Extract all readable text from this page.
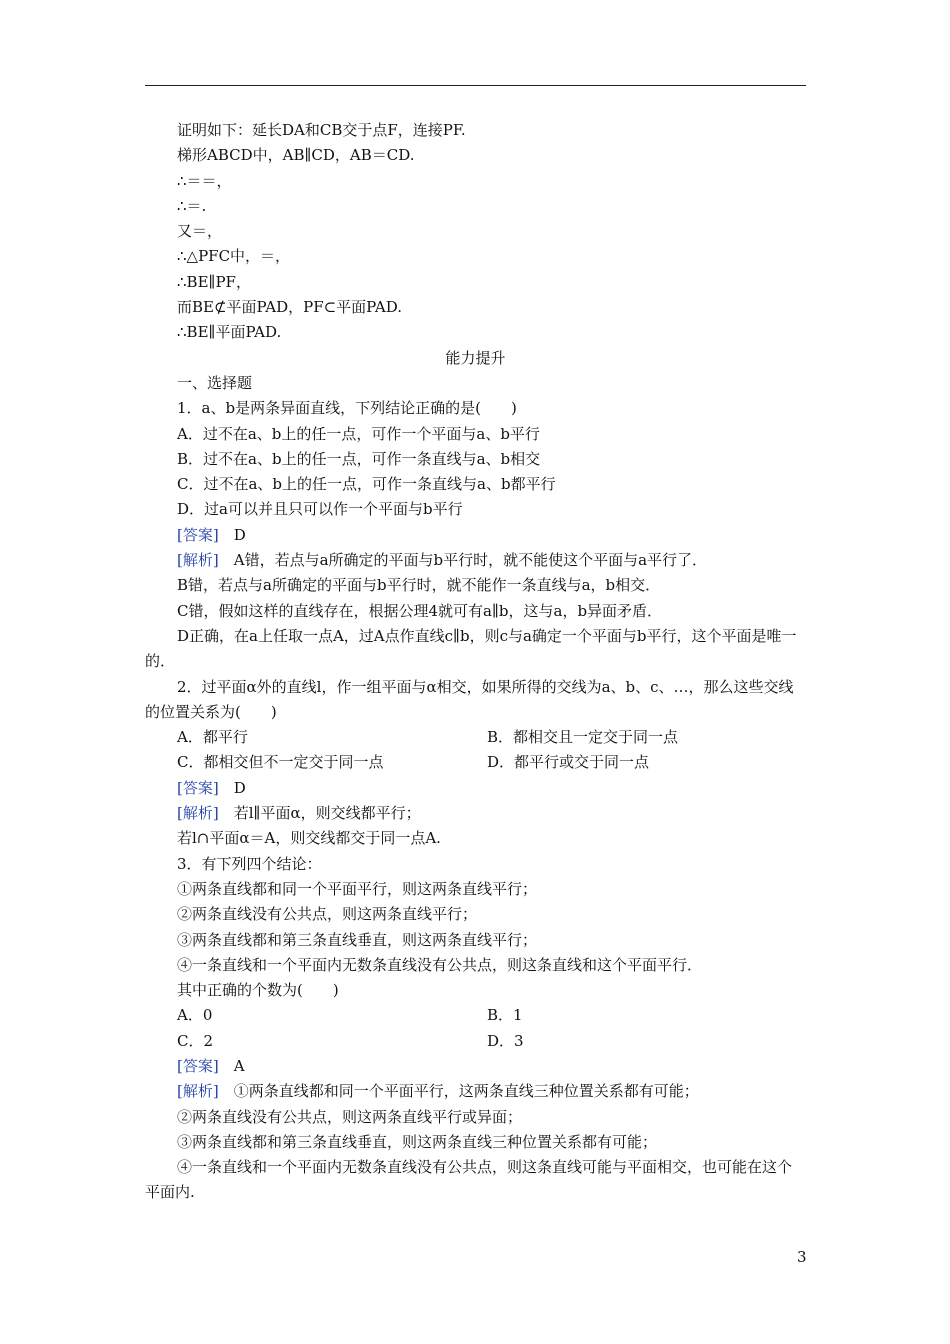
证明如下：延长DA和CB交于点F，连接PF.
梯形ABCD中，AB∥CD，AB＝CD.
∴＝＝，
∴＝.
又＝，
∴△PFC中，＝，
∴BE∥PF，
而BE⊄平面PAD，PF⊂平面PAD.
∴BE∥平面PAD.
能力提升
一、选择题
1．a、b是两条异面直线，下列结论正确的是(　　)
A．过不在a、b上的任一点，可作一个平面与a、b平行
B．过不在a、b上的任一点，可作一条直线与a、b相交
C．过不在a、b上的任一点，可作一条直线与a、b都平行
D．过a可以并且只可以作一个平面与b平行
[答案]　 D
[解析]　 A错，若点与a所确定的平面与b平行时，就不能使这个平面与a平行了．
B错，若点与a所确定的平面与b平行时，就不能作一条直线与a，b相交．
C错，假如这样的直线存在，根据公理4就可有a∥b，这与a，b异面矛盾．
D正确，在a上任取一点A，过A点作直线c∥b，则c与a确定一个平面与b平行，这个平面是唯一的．
2．过平面α外的直线l，作一组平面与α相交，如果所得的交线为a、b、c、…，那么这些交线的位置关系为(　　)
A．都平行	B．都相交且一定交于同一点
C．都相交但不一定交于同一点	D．都平行或交于同一点
[答案]　 D
[解析]　 若l∥平面α，则交线都平行；
若l∩平面α＝A，则交线都交于同一点A.
3．有下列四个结论：
①两条直线都和同一个平面平行，则这两条直线平行；
②两条直线没有公共点，则这两条直线平行；
③两条直线都和第三条直线垂直，则这两条直线平行；
④一条直线和一个平面内无数条直线没有公共点，则这条直线和这个平面平行．
其中正确的个数为(　　)
A．0	B．1
C．2	D．3
[答案]　 A
[解析]　 ①两条直线都和同一个平面平行，这两条直线三种位置关系都有可能；
②两条直线没有公共点，则这两条直线平行或异面；
③两条直线都和第三条直线垂直，则这两条直线三种位置关系都有可能；
④一条直线和一个平面内无数条直线没有公共点，则这条直线可能与平面相交，也可能在这个平面内.
3
